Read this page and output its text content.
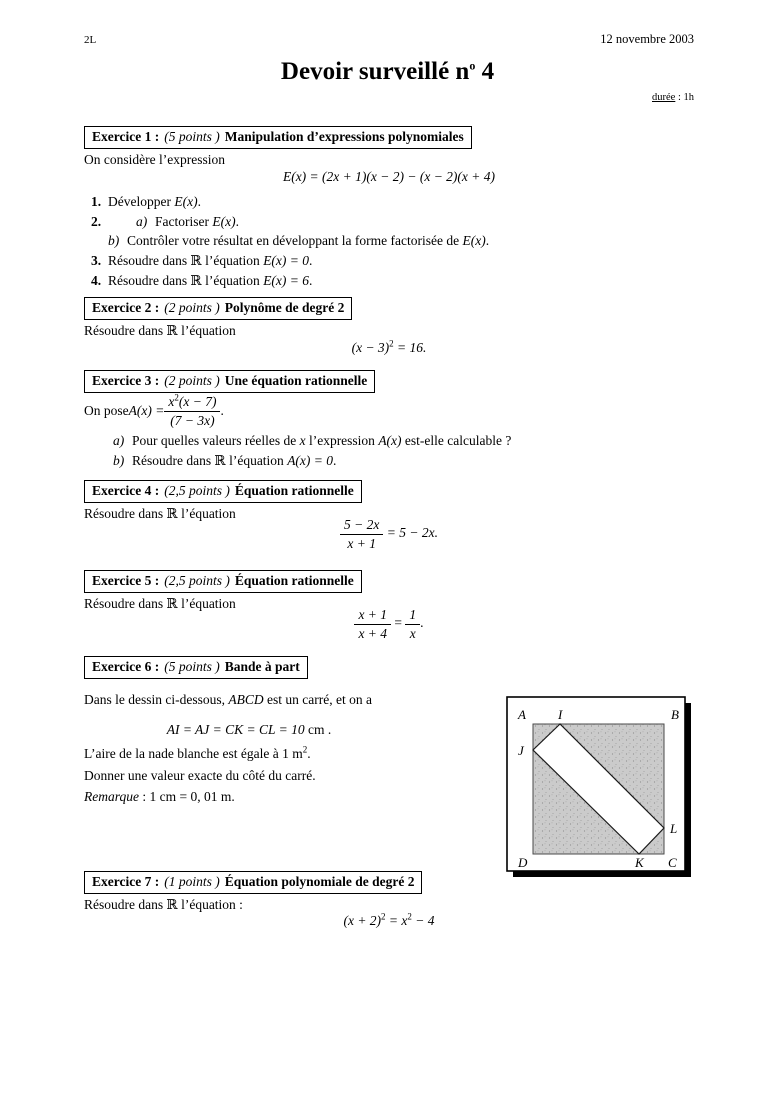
2L	12 novembre 2003
Devoir surveillé $n^o$ 4
durée : 1h
Exercice 1 : (5 points ) Manipulation d’expressions polynomiales
On considère l’expression
E(x) = (2x + 1)(x − 2) − (x − 2)(x + 4)
1. Développer E(x).
2.	a) Factoriser E(x).
b) Contrôler votre résultat en développant la forme factorisée de E(x).
3. Résoudre dans ℝ l’équation E(x) = 0.
4. Résoudre dans ℝ l’équation E(x) = 6.
Exercice 2 : (2 points ) Polynôme de degré 2
Résoudre dans ℝ l’équation
$(x - 3)^2 = 16$.
Exercice 3 : (2 points ) Une équation rationnelle
On pose $A(x) = \frac{x^2(x - 7)}{(7 - 3x)}$ .
a) Pour quelles valeurs réelles de x l’expression A(x) est-elle calculable ?
b) Résoudre dans ℝ l’équation A(x) = 0.
Exercice 4 : (2,5 points ) Équation rationnelle
Résoudre dans ℝ l’équation
$\frac{5 - 2x}{x + 1} = 5 - 2x$.
Exercice 5 : (2,5 points ) Équation rationnelle
Résoudre dans ℝ l’équation
$\frac{x + 1}{x + 4} = \frac{1}{x}$ .
Exercice 6 : (5 points ) Bande à part
Dans le dessin ci-dessous, ABCD est un carré, et on a
AI = AJ = CK = CL = 10 cm .
L’aire de la nade blanche est égale à 1 $m^2$.
Donner une valeur exacte du côté du carré.
Remarque : 1 cm = 0, 01 m.
A I	B
J
L
D	K C
Exercice 7 : (1 points ) Équation polynomiale de degré 2
Résoudre dans ℝ l’équation :
$(x + 2)^2 = x^2 - 4$
